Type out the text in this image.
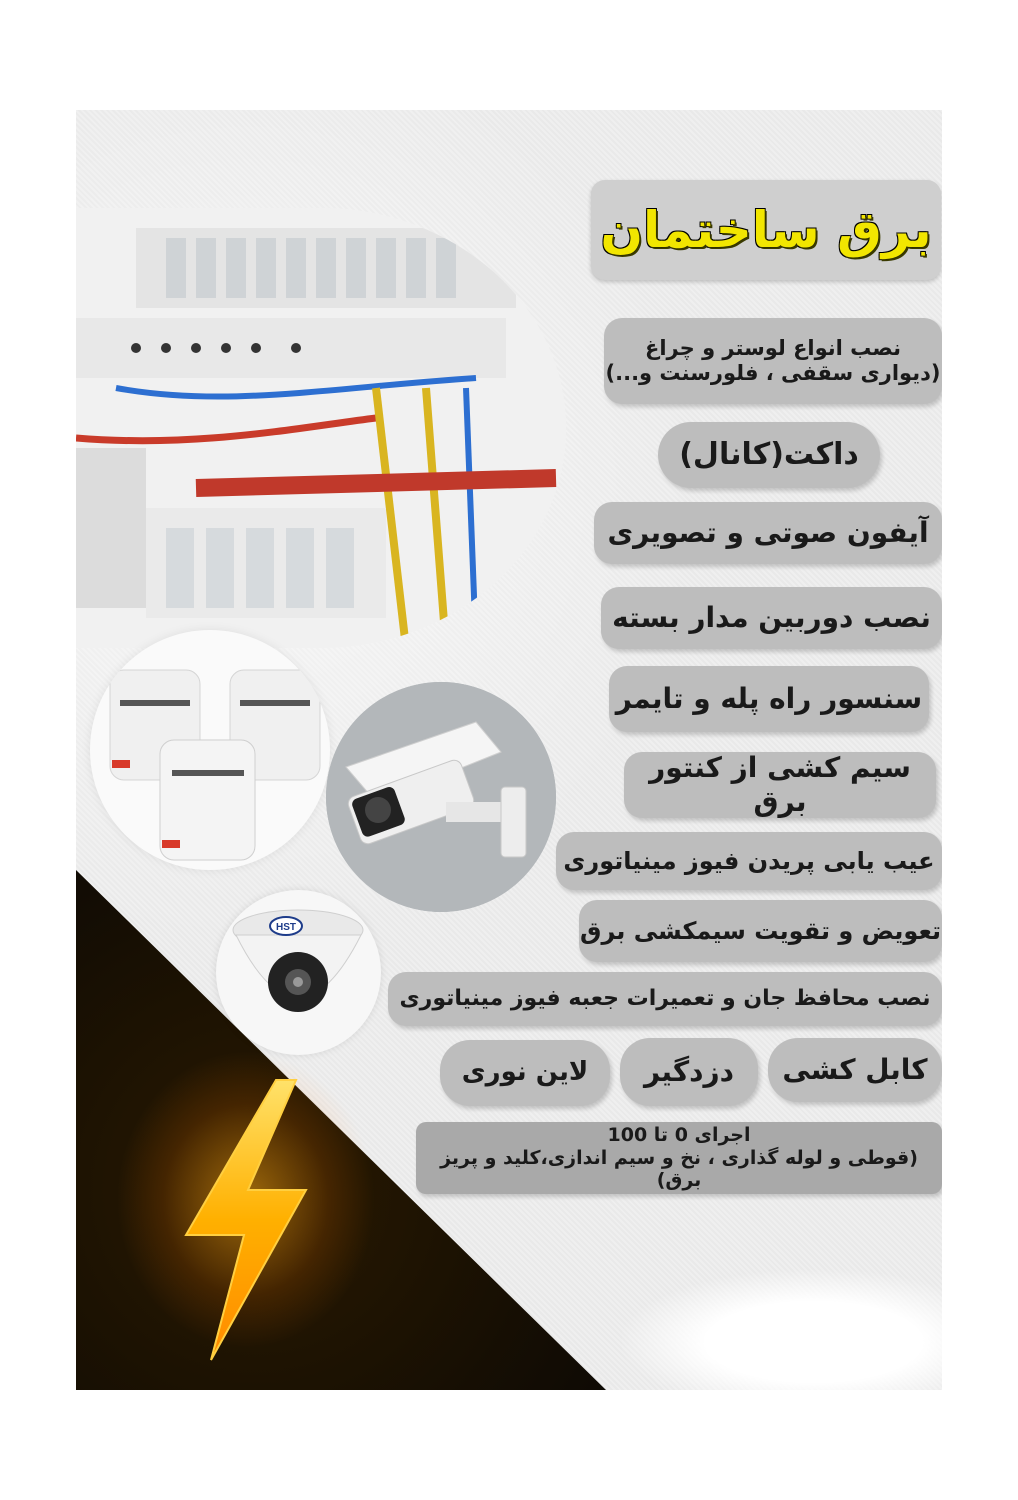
HST
برق ساختمان
نصب انواع لوستر و چراغ
(دیواری سقفی ، فلورسنت و...)
داکت(کانال)
آیفون صوتی و تصویری
نصب دوربین مدار بسته
سنسور راه پله و تایمر
سیم کشی از کنتور برق
عیب یابی پریدن فیوز مینیاتوری
تعویض و تقویت سیمکشی برق
نصب محافظ جان و تعمیرات جعبه فیوز مینیاتوری
کابل کشی
دزدگیر
لاین نوری
اجرای 0 تا 100
(قوطی و لوله گذاری ، نخ و سیم اندازی،کلید و پریز برق)
